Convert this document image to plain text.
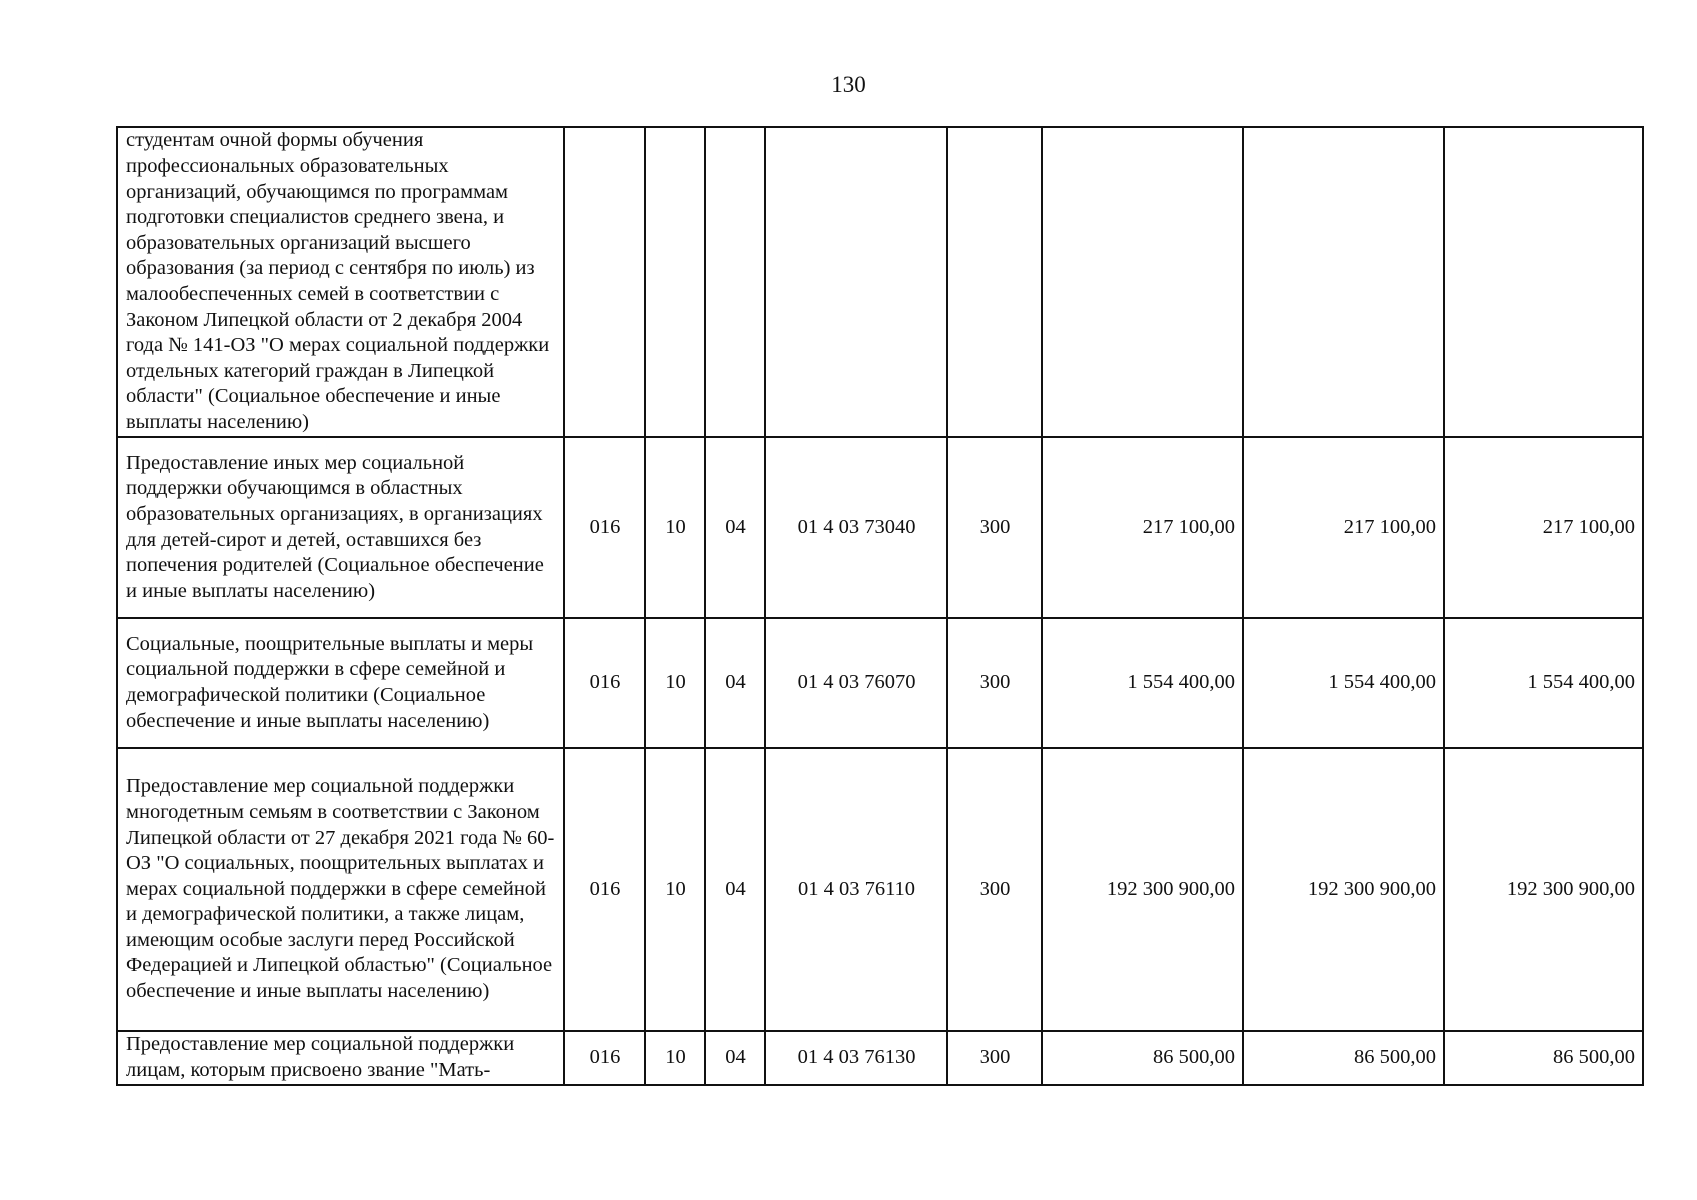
130
студентам очной формы обучения профессиональных образовательных организаций, обучающимся по программам подготовки специалистов среднего звена, и образовательных организаций высшего образования (за период с сентября по июль) из малообеспеченных семей в соответствии с Законом Липецкой области от 2 декабря 2004 года № 141-ОЗ "О мерах социальной поддержки отдельных категорий граждан в Липецкой области" (Социальное обеспечение и иные выплаты населению)								
Предоставление иных мер социальной поддержки обучающимся в областных образовательных организациях, в организациях для детей-сирот и детей, оставшихся без попечения родителей (Социальное обеспечение и иные выплаты населению)	016	10	04	01 4 03 73040	300	217 100,00	217 100,00	217 100,00
Социальные, поощрительные выплаты и меры социальной поддержки в сфере семейной и демографической политики (Социальное обеспечение и иные выплаты населению)	016	10	04	01 4 03 76070	300	1 554 400,00	1 554 400,00	1 554 400,00
Предоставление мер социальной поддержки многодетным семьям в соответствии с Законом Липецкой области от 27 декабря 2021 года № 60-ОЗ "О социальных, поощрительных выплатах и мерах социальной поддержки в сфере семейной и демографической политики, а также лицам, имеющим особые заслуги перед Российской Федерацией и Липецкой областью" (Социальное обеспечение и иные выплаты населению)	016	10	04	01 4 03 76110	300	192 300 900,00	192 300 900,00	192 300 900,00
Предоставление мер социальной поддержки лицам, которым присвоено звание "Мать-	016	10	04	01 4 03 76130	300	86 500,00	86 500,00	86 500,00
